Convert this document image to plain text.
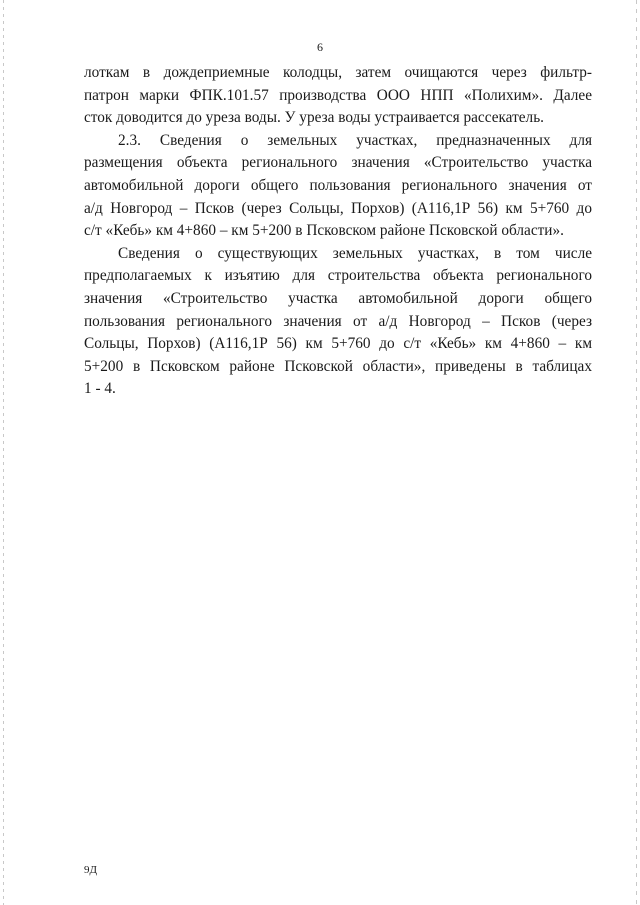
6

лоткам в дождеприемные колодцы, затем очищаются через фильтр-
патрон марки ФПК.101.57 производства ООО НПП «Полихим». Далее
сток доводится до уреза воды. У уреза воды устраивается рассекатель.

2.3. Сведения о земельных участках, предназначенных для
размещения объекта регионального значения «Строительство участка
автомобильной дороги общего пользования регионального значения от
а/д Новгород – Псков (через Сольцы, Порхов) (А116,1Р 56) км 5+760 до
с/т «Кебь» км 4+860 – км 5+200 в Псковском районе Псковской области».

Сведения о существующих земельных участках, в том числе
предполагаемых к изъятию для строительства объекта регионального
значения «Строительство участка автомобильной дороги общего
пользования регионального значения от а/д Новгород – Псков (через
Сольцы, Порхов) (А116,1Р 56) км 5+760 до с/т «Кебь» км 4+860 – км
5+200 в Псковском районе Псковской области», приведены в таблицах
1 - 4.

9Д
